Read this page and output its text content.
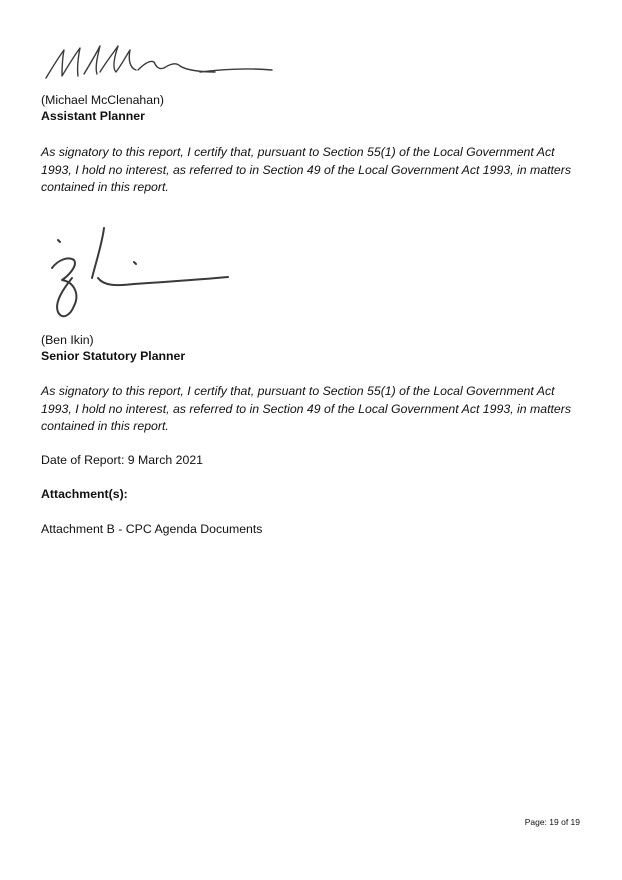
(Michael McClenahan)
Assistant Planner
As signatory to this report, I certify that, pursuant to Section 55(1) of the Local Government Act
1993, I hold no interest, as referred to in Section 49 of the Local Government Act 1993, in matters
contained in this report.
(Ben Ikin)
Senior Statutory Planner
As signatory to this report, I certify that, pursuant to Section 55(1) of the Local Government Act
1993, I hold no interest, as referred to in Section 49 of the Local Government Act 1993, in matters
contained in this report.
Date of Report: 9 March 2021
Attachment(s):
Attachment B - CPC Agenda Documents
Page: 19 of 19
